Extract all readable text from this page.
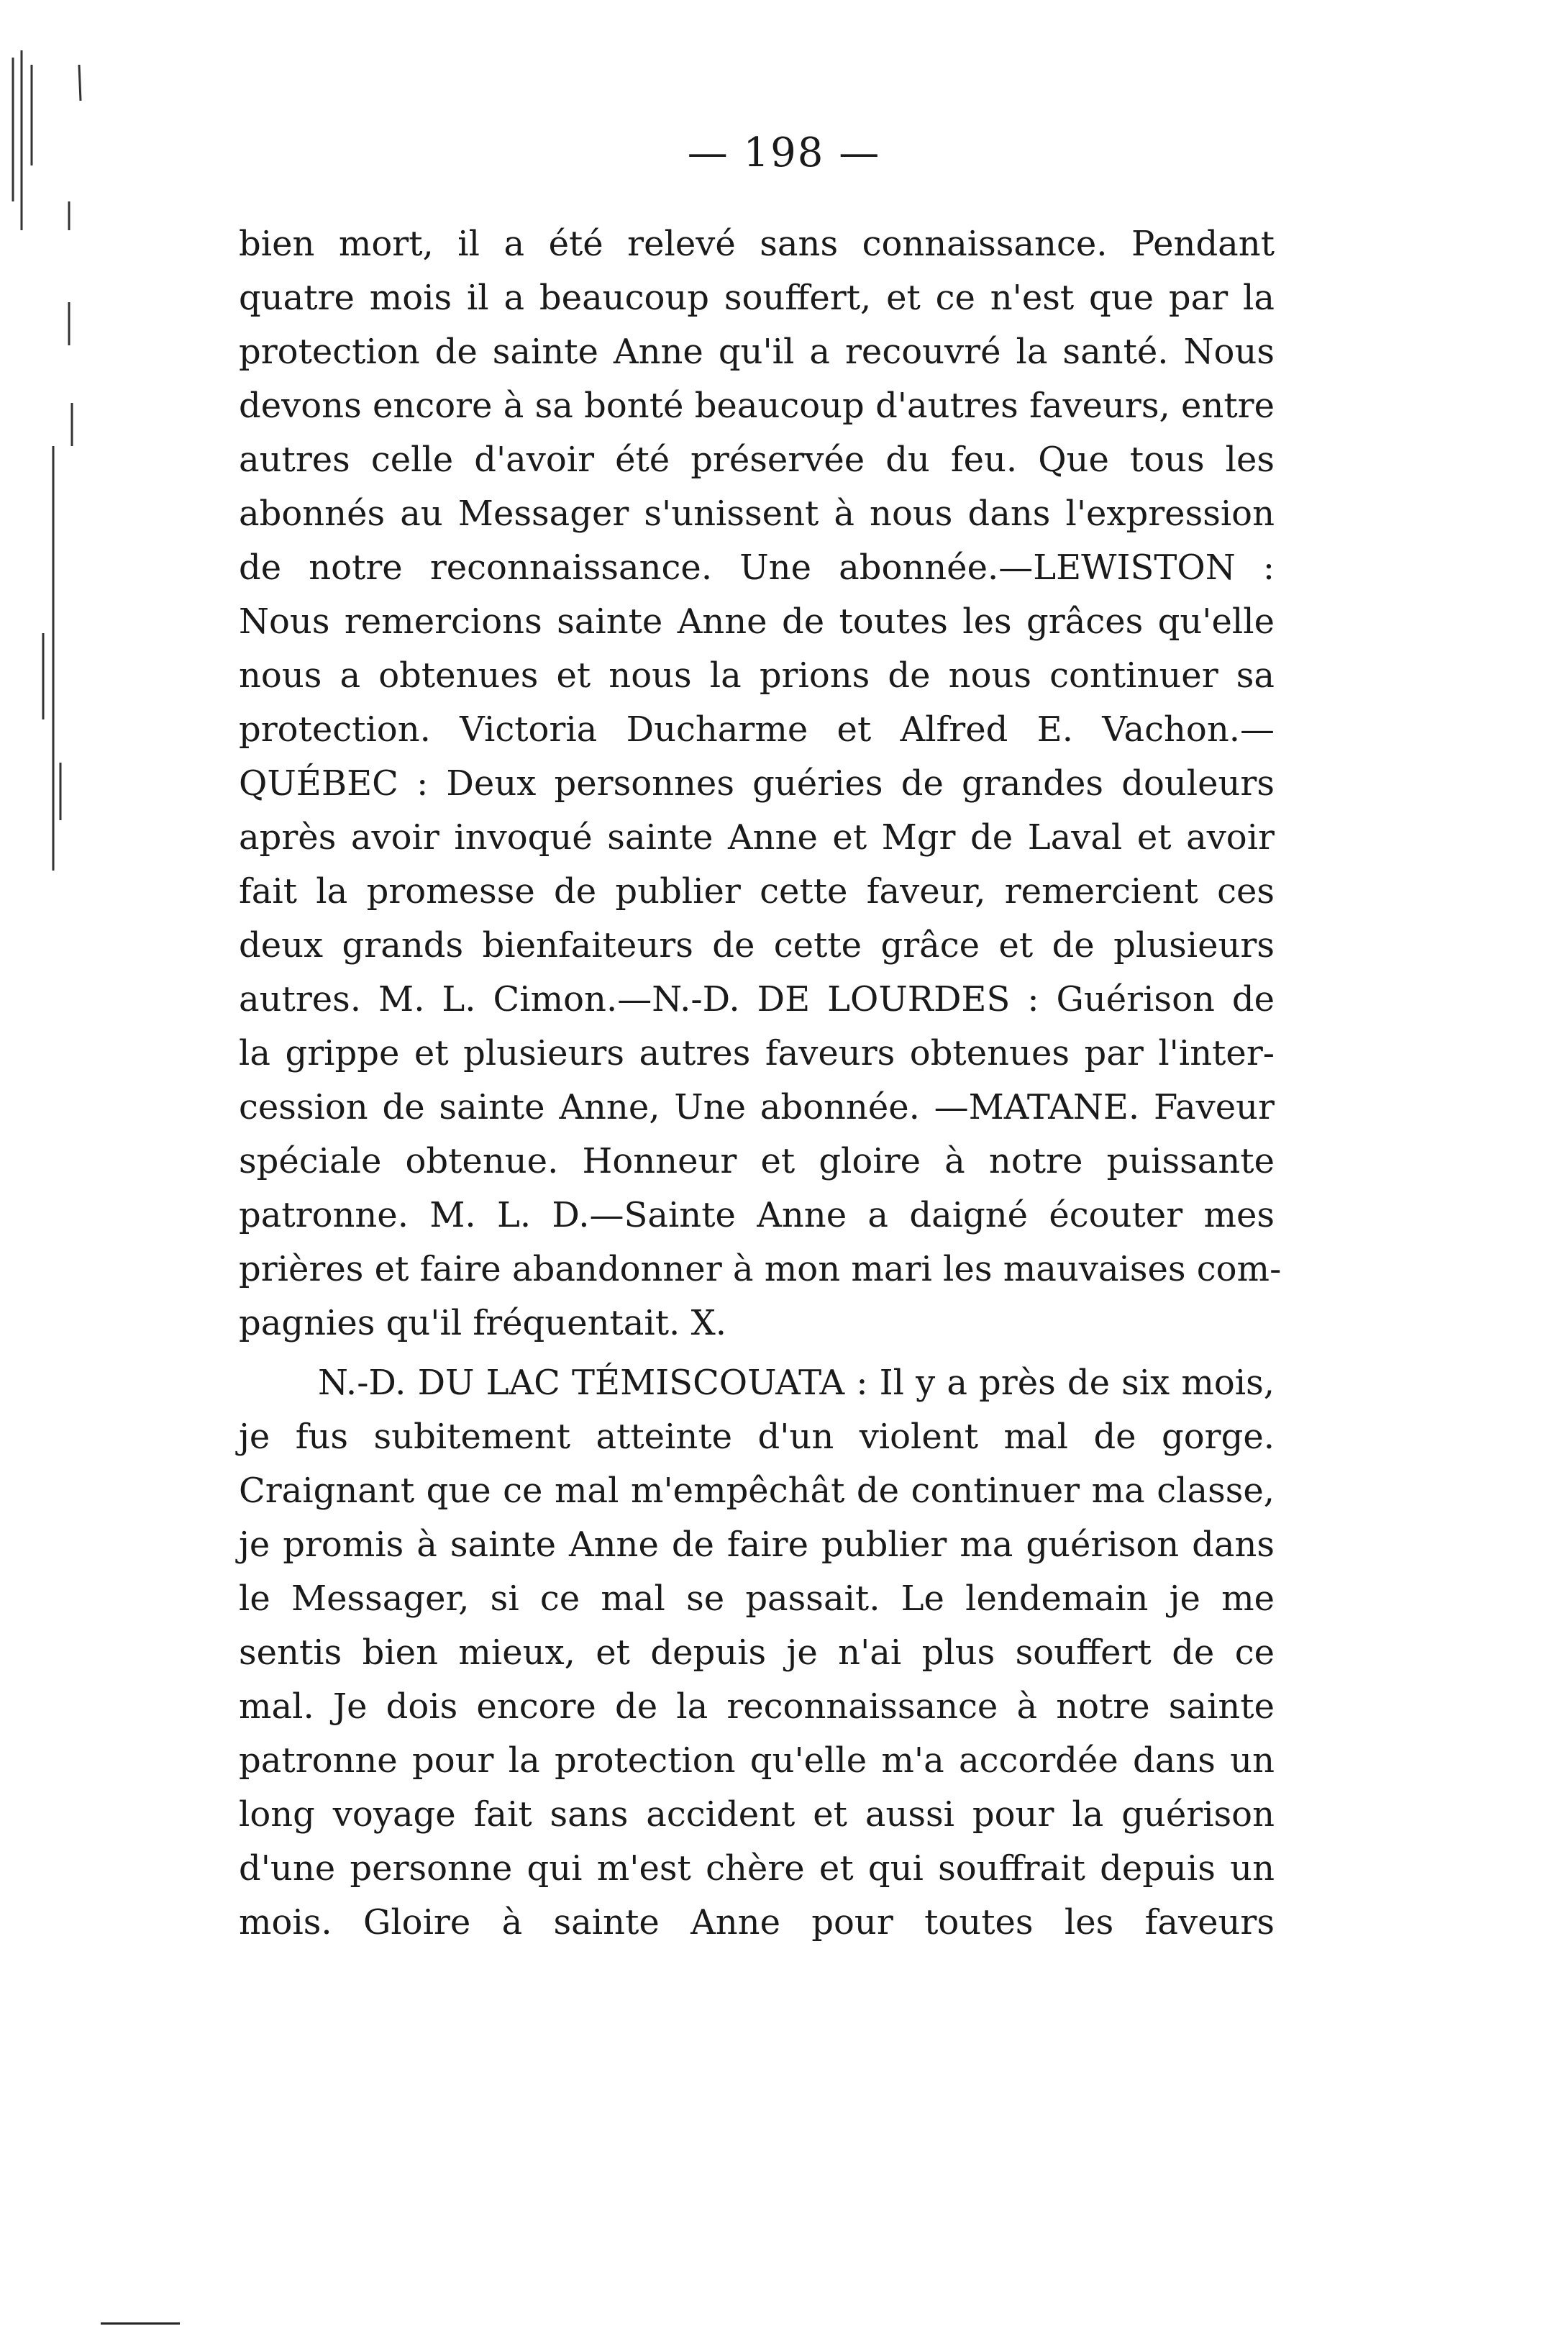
— 198 —
bien mort, il a été relevé sans connaissance. Pendant
quatre mois il a beaucoup souffert, et ce n'est que par la
protection de sainte Anne qu'il a recouvré la santé. Nous
devons encore à sa bonté beaucoup d'autres faveurs, entre
autres celle d'avoir été préservée du feu. Que tous les
abonnés au Messager s'unissent à nous dans l'expression
de notre reconnaissance. Une abonnée.—LEWISTON :
Nous remercions sainte Anne de toutes les grâces qu'elle
nous a obtenues et nous la prions de nous continuer sa
protection. Victoria Ducharme et Alfred E. Vachon.—
QUÉBEC : Deux personnes guéries de grandes douleurs
après avoir invoqué sainte Anne et Mgr de Laval et avoir
fait la promesse de publier cette faveur, remercient ces
deux grands bienfaiteurs de cette grâce et de plusieurs
autres. M. L. Cimon.—N.-D. DE LOURDES : Guérison de
la grippe et plusieurs autres faveurs obtenues par l'inter-
cession de sainte Anne, Une abonnée. —MATANE. Faveur
spéciale obtenue. Honneur et gloire à notre puissante
patronne. M. L. D.—Sainte Anne a daigné écouter mes
prières et faire abandonner à mon mari les mauvaises com-
pagnies qu'il fréquentait. X.
N.-D. DU LAC TÉMISCOUATA : Il y a près de six mois,
je fus subitement atteinte d'un violent mal de gorge.
Craignant que ce mal m'empêchât de continuer ma classe,
je promis à sainte Anne de faire publier ma guérison dans
le Messager, si ce mal se passait. Le lendemain je me
sentis bien mieux, et depuis je n'ai plus souffert de ce
mal. Je dois encore de la reconnaissance à notre sainte
patronne pour la protection qu'elle m'a accordée dans un
long voyage fait sans accident et aussi pour la guérison
d'une personne qui m'est chère et qui souffrait depuis un
mois. Gloire à sainte Anne pour toutes les faveurs
